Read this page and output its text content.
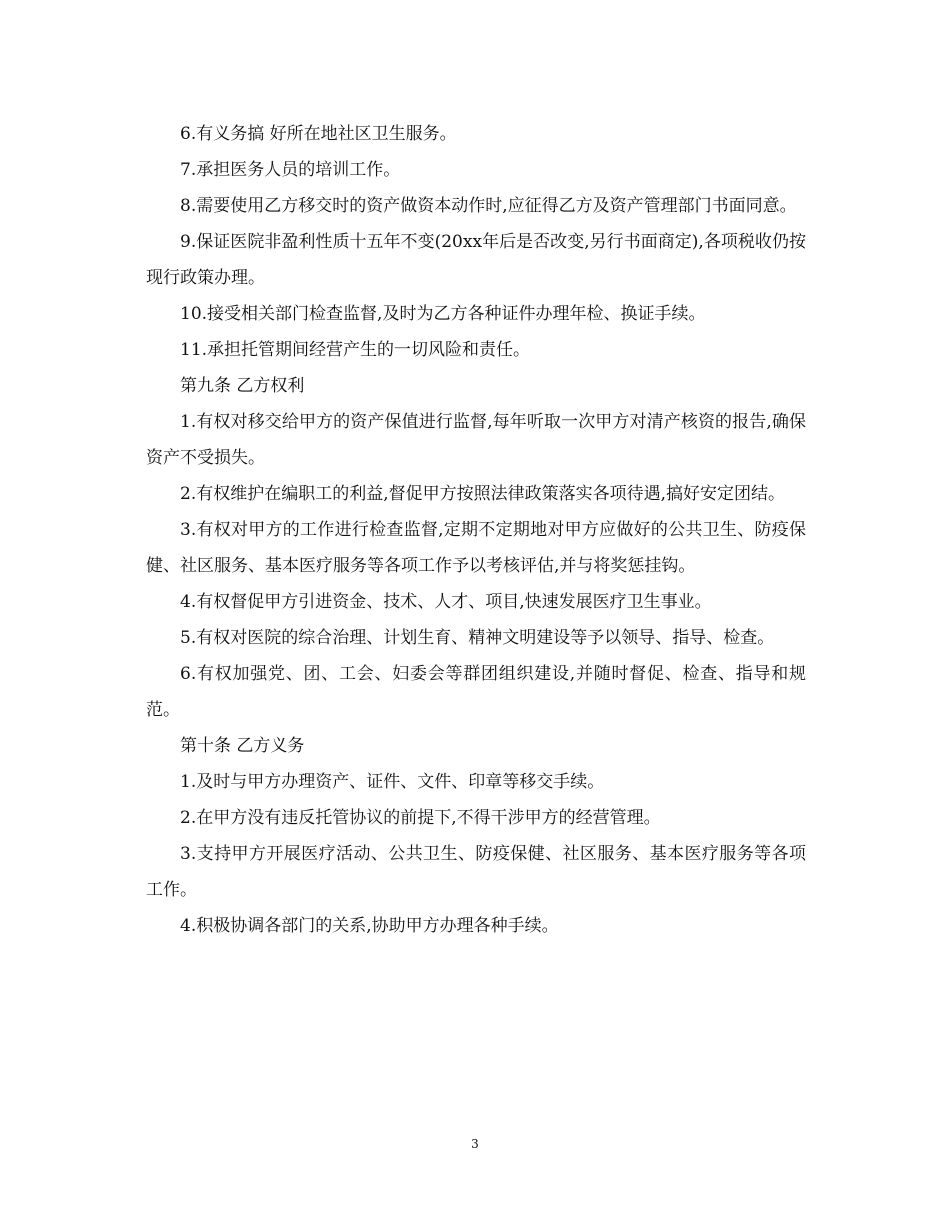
6.有义务搞 好所在地社区卫生服务。

7.承担医务人员的培训工作。

8.需要使用乙方移交时的资产做资本动作时,应征得乙方及资产管理部门书面同意。

9.保证医院非盈利性质十五年不变(20xx年后是否改变,另行书面商定),各项税收仍按现行政策办理。

10.接受相关部门检查监督,及时为乙方各种证件办理年检、换证手续。

11.承担托管期间经营产生的一切风险和责任。

第九条 乙方权利

1.有权对移交给甲方的资产保值进行监督,每年听取一次甲方对清产核资的报告,确保资产不受损失。

2.有权维护在编职工的利益,督促甲方按照法律政策落实各项待遇,搞好安定团结。

3.有权对甲方的工作进行检查监督,定期不定期地对甲方应做好的公共卫生、防疫保健、社区服务、基本医疗服务等各项工作予以考核评估,并与将奖惩挂钩。

4.有权督促甲方引进资金、技术、人才、项目,快速发展医疗卫生事业。

5.有权对医院的综合治理、计划生育、精神文明建设等予以领导、指导、检查。

6.有权加强党、团、工会、妇委会等群团组织建设,并随时督促、检查、指导和规范。

第十条 乙方义务

1.及时与甲方办理资产、证件、文件、印章等移交手续。

2.在甲方没有违反托管协议的前提下,不得干涉甲方的经营管理。

3.支持甲方开展医疗活动、公共卫生、防疫保健、社区服务、基本医疗服务等各项工作。

4.积极协调各部门的关系,协助甲方办理各种手续。

3
